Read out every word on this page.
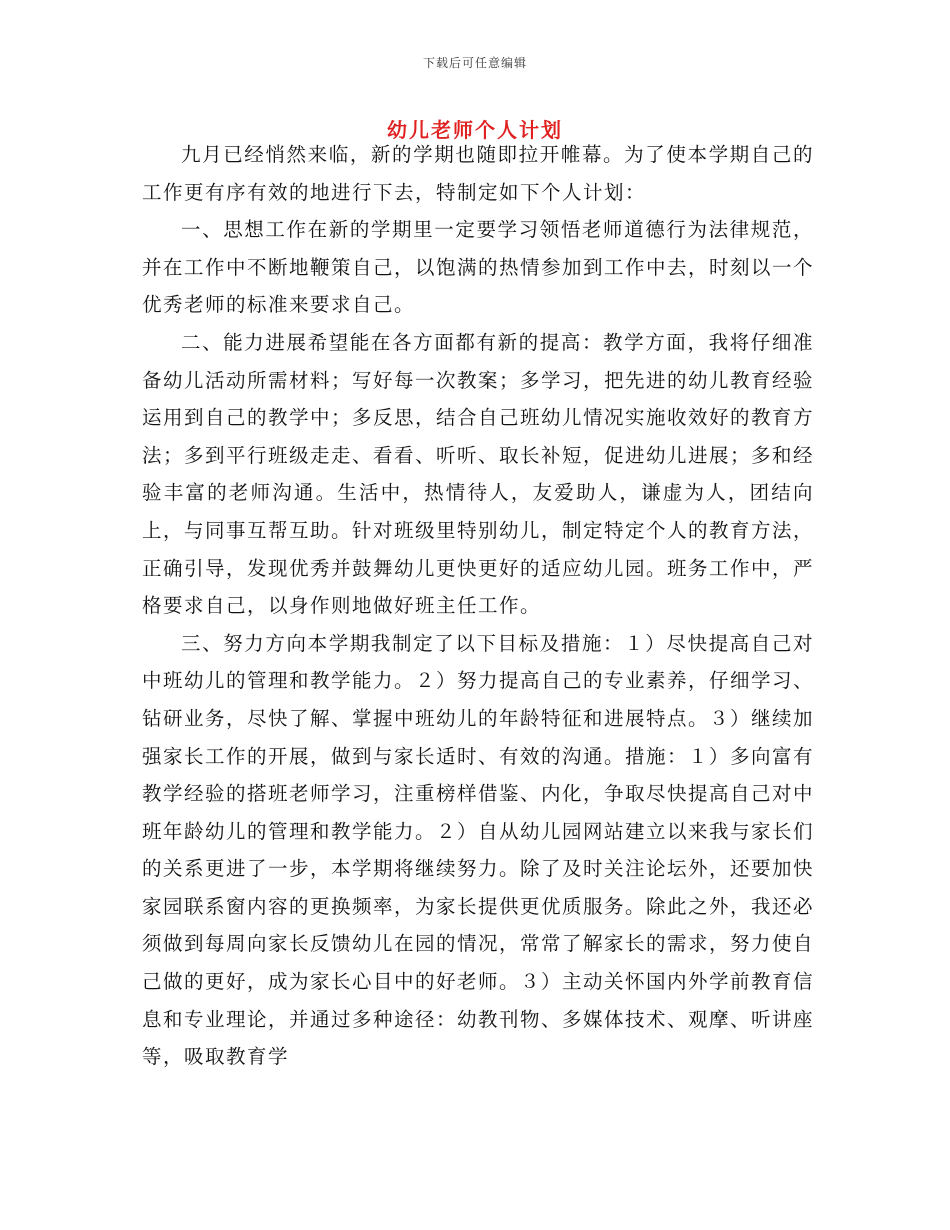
下载后可任意编辑
幼儿老师个人计划

九月已经悄然来临，新的学期也随即拉开帷幕。为了使本学期自己的工作更有序有效的地进行下去，特制定如下个人计划：

一、思想工作在新的学期里一定要学习领悟老师道德行为法律规范，并在工作中不断地鞭策自己，以饱满的热情参加到工作中去，时刻以一个优秀老师的标准来要求自己。

二、能力进展希望能在各方面都有新的提高：教学方面，我将仔细准备幼儿活动所需材料；写好每一次教案；多学习，把先进的幼儿教育经验运用到自己的教学中；多反思，结合自己班幼儿情况实施收效好的教育方法；多到平行班级走走、看看、听听、取长补短，促进幼儿进展；多和经验丰富的老师沟通。生活中，热情待人，友爱助人，谦虚为人，团结向上，与同事互帮互助。针对班级里特别幼儿，制定特定个人的教育方法，正确引导，发现优秀并鼓舞幼儿更快更好的适应幼儿园。班务工作中，严格要求自己，以身作则地做好班主任工作。

三、努力方向本学期我制定了以下目标及措施：１）尽快提高自己对中班幼儿的管理和教学能力。２）努力提高自己的专业素养，仔细学习、钻研业务，尽快了解、掌握中班幼儿的年龄特征和进展特点。３）继续加强家长工作的开展，做到与家长适时、有效的沟通。措施：１）多向富有教学经验的搭班老师学习，注重榜样借鉴、内化，争取尽快提高自己对中班年龄幼儿的管理和教学能力。２）自从幼儿园网站建立以来我与家长们的关系更进了一步，本学期将继续努力。除了及时关注论坛外，还要加快家园联系窗内容的更换频率，为家长提供更优质服务。除此之外，我还必须做到每周向家长反馈幼儿在园的情况，常常了解家长的需求，努力使自己做的更好，成为家长心目中的好老师。３）主动关怀国内外学前教育信息和专业理论，并通过多种途径：幼教刊物、多媒体技术、观摩、听讲座等，吸取教育学
